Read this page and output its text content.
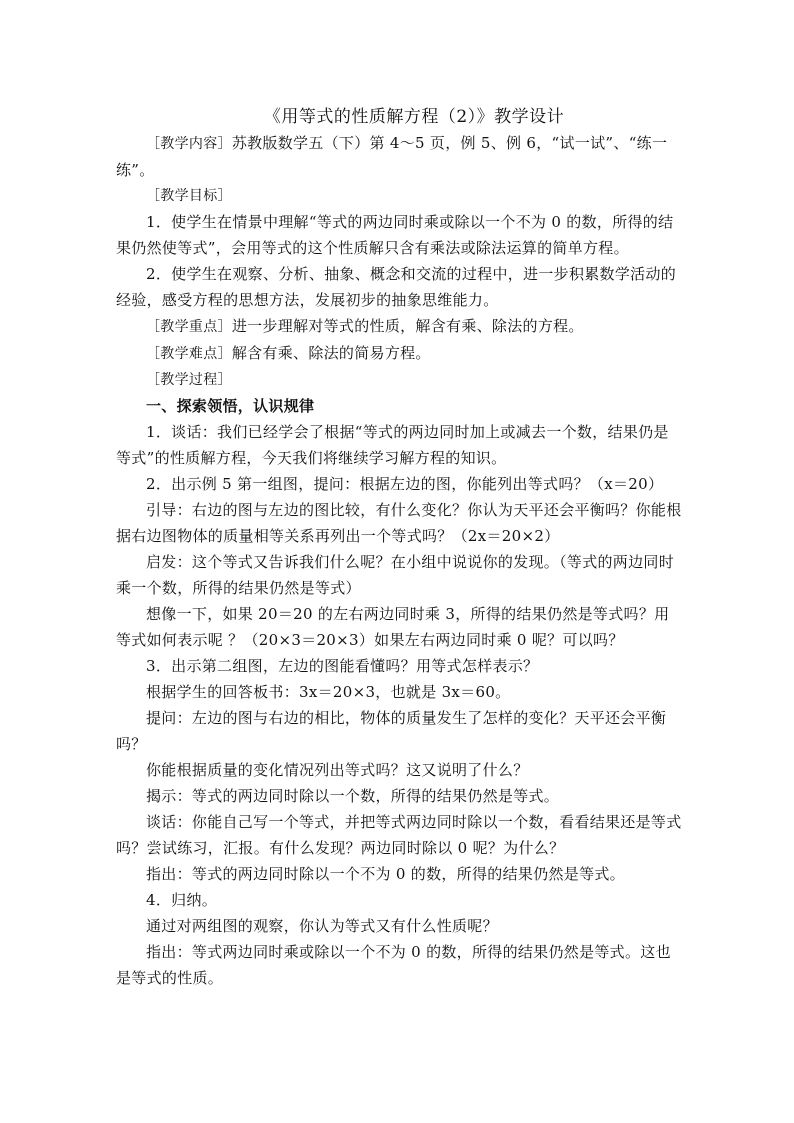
《用等式的性质解方程（2）》教学设计

［教学内容］苏教版数学五（下）第 4～5 页，例 5、例 6，“试一试”、“练一练”。

［教学目标］

1．使学生在情景中理解“等式的两边同时乘或除以一个不为 0 的数，所得的结果仍然使等式”，会用等式的这个性质解只含有乘法或除法运算的简单方程。

2．使学生在观察、分析、抽象、概念和交流的过程中，进一步积累数学活动的经验，感受方程的思想方法，发展初步的抽象思维能力。

［教学重点］进一步理解对等式的性质，解含有乘、除法的方程。

［教学难点］解含有乘、除法的简易方程。

［教学过程］

一、探索领悟，认识规律

1．谈话：我们已经学会了根据“等式的两边同时加上或减去一个数，结果仍是等式”的性质解方程，今天我们将继续学习解方程的知识。

2．出示例 5 第一组图，提问：根据左边的图，你能列出等式吗？（x＝20）

引导：右边的图与左边的图比较，有什么变化？你认为天平还会平衡吗？你能根据右边图物体的质量相等关系再列出一个等式吗？（2x＝20×2）

启发：这个等式又告诉我们什么呢？在小组中说说你的发现。（等式的两边同时乘一个数，所得的结果仍然是等式）

想像一下，如果 20＝20 的左右两边同时乘 3，所得的结果仍然是等式吗？用等式如何表示呢 ？（20×3＝20×3）如果左右两边同时乘 0 呢？可以吗？

3．出示第二组图，左边的图能看懂吗？用等式怎样表示？

根据学生的回答板书：3x＝20×3，也就是 3x＝60。

提问：左边的图与右边的相比，物体的质量发生了怎样的变化？天平还会平衡吗？

你能根据质量的变化情况列出等式吗？这又说明了什么？

揭示：等式的两边同时除以一个数，所得的结果仍然是等式。

谈话：你能自己写一个等式，并把等式两边同时除以一个数，看看结果还是等式吗？尝试练习，汇报。有什么发现？两边同时除以 0 呢？为什么？

指出：等式的两边同时除以一个不为 0 的数，所得的结果仍然是等式。

4．归纳。

通过对两组图的观察，你认为等式又有什么性质呢？

指出：等式两边同时乘或除以一个不为 0 的数，所得的结果仍然是等式。这也是等式的性质。
